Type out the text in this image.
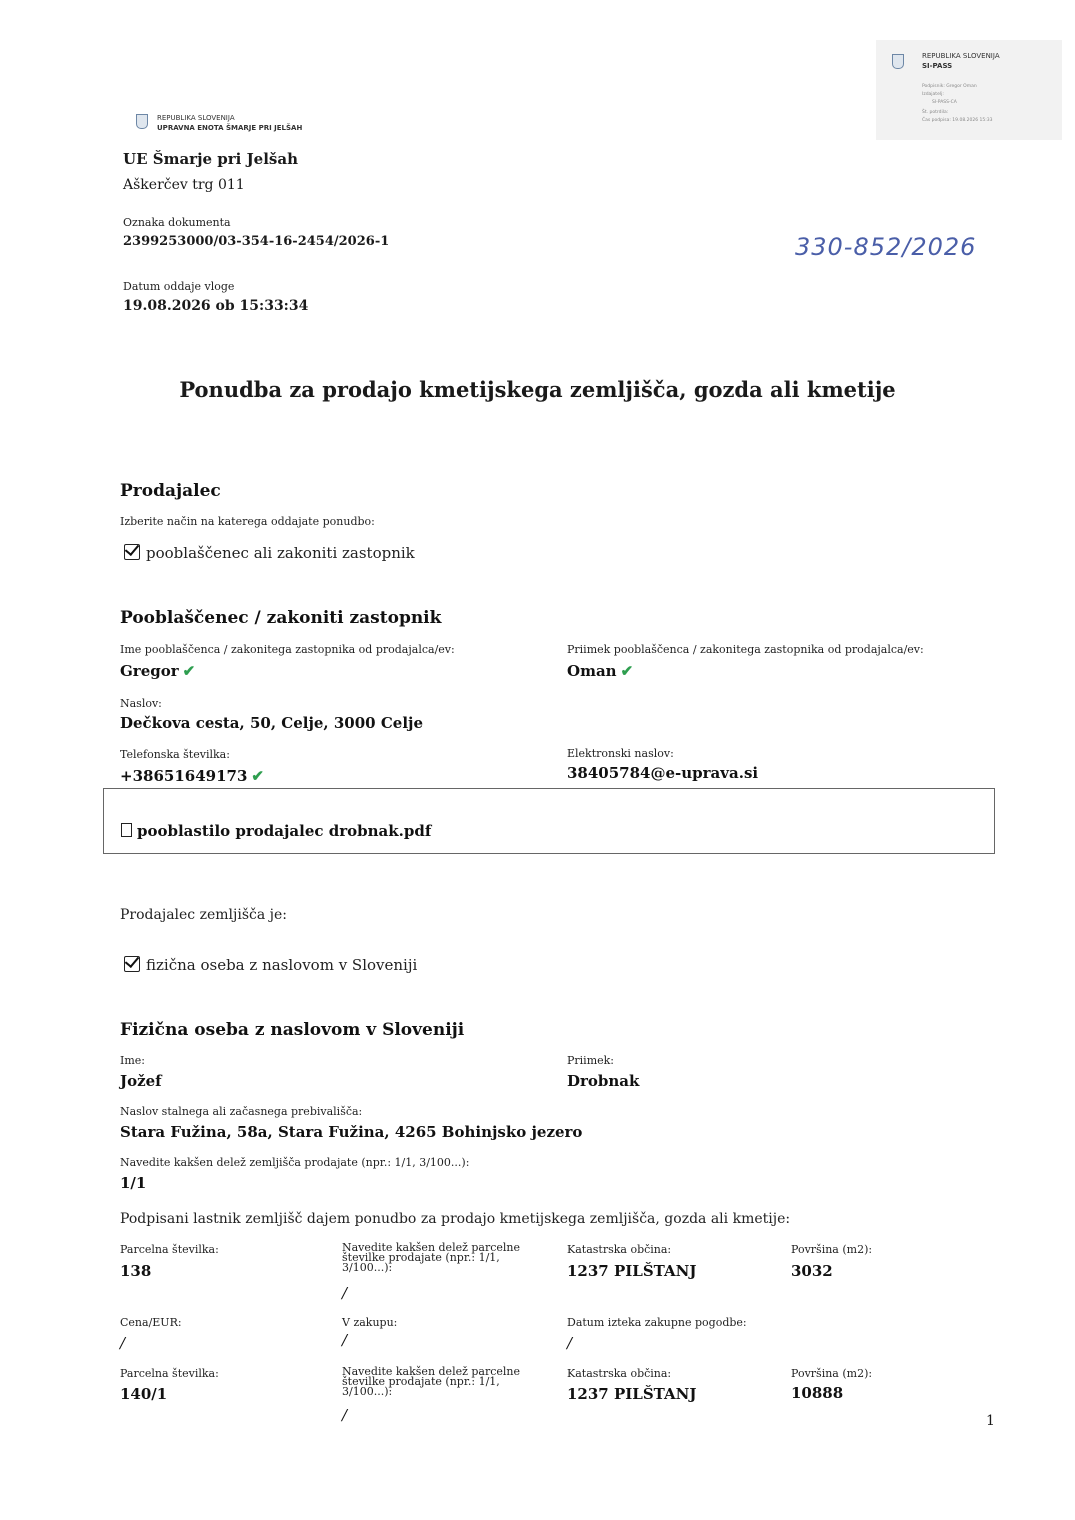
REPUBLIKA SLOVENIJA
SI-PASS
Podpisnik: Gregor Oman
Izdajatelj:
SI-PASS-CA
Št. potrdila:
Čas podpisa: 19.08.2026 15:33
REPUBLIKA SLOVENIJA
UPRAVNA ENOTA ŠMARJE PRI JELŠAH
UE Šmarje pri Jelšah
Aškerčev trg 011
Oznaka dokumenta
2399253000/03-354-16-2454/2026-1	330-852/2026
Datum oddaje vloge
19.08.2026 ob 15:33:34
Ponudba za prodajo kmetijskega zemljišča, gozda ali kmetije
Prodajalec
Izberite način na katerega oddajate ponudbo:
pooblaščenec ali zakoniti zastopnik
Pooblaščenec / zakoniti zastopnik
Ime pooblaščenca / zakonitega zastopnika od prodajalca/ev:
Gregor ✔
Priimek pooblaščenca / zakonitega zastopnika od prodajalca/ev:
Oman ✔
Naslov:
Dečkova cesta, 50, Celje, 3000 Celje
Telefonska številka:
+38651649173 ✔
Elektronski naslov:
38405784@e-uprava.si
pooblastilo prodajalec drobnak.pdf
Prodajalec zemljišča je:
fizična oseba z naslovom v Sloveniji
Fizična oseba z naslovom v Sloveniji
Ime:
Jožef
Priimek:
Drobnak
Naslov stalnega ali začasnega prebivališča:
Stara Fužina, 58a, Stara Fužina, 4265 Bohinjsko jezero
Navedite kakšen delež zemljišča prodajate (npr.: 1/1, 3/100...):
1/1
Podpisani lastnik zemljišč dajem ponudbo za prodajo kmetijskega zemljišča, gozda ali kmetije:
Parcelna številka:
138
Navedite kakšen delež parcelne številke prodajate (npr.: 1/1, 3/100...):
/
Katastrska občina:
1237 PILŠTANJ
Površina (m2):
3032
Cena/EUR:
/
V zakupu:
/
Datum izteka zakupne pogodbe:
/
Parcelna številka:
140/1
Navedite kakšen delež parcelne številke prodajate (npr.: 1/1, 3/100...):
/
Katastrska občina:
1237 PILŠTANJ
Površina (m2):
10888
1
